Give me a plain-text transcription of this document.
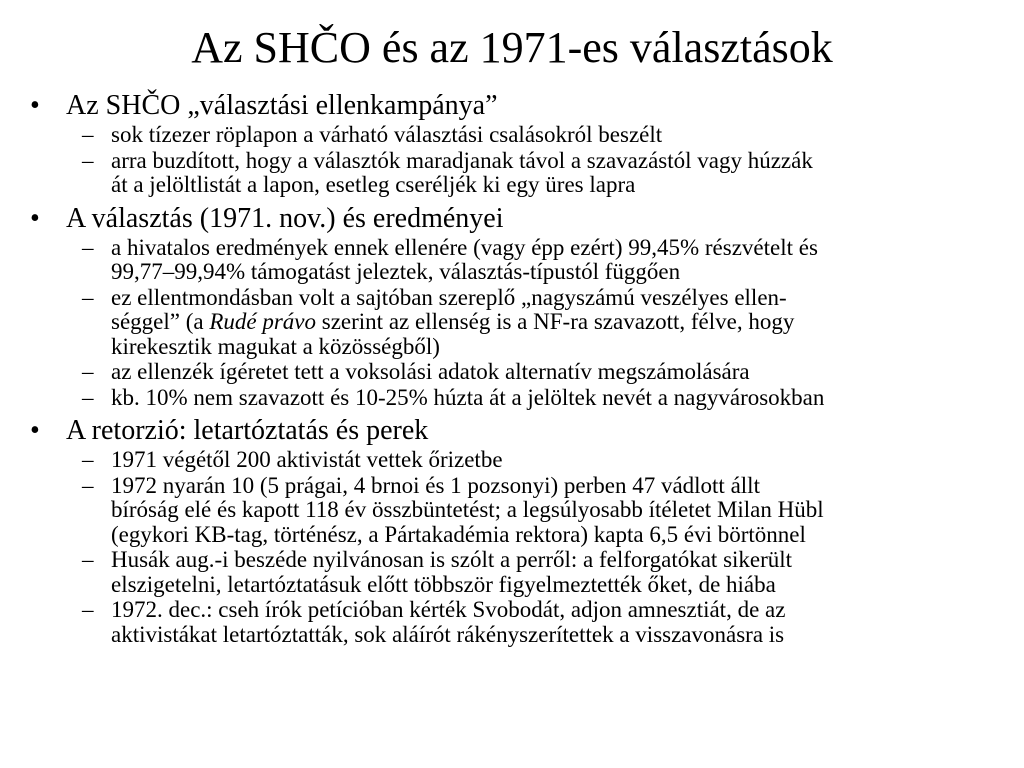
Az SHČO és az 1971-es választások
• Az SHČO „választási ellenkampánya”
– sok tízezer röplapon a várható választási csalásokról beszélt
– arra buzdított, hogy a választók maradjanak távol a szavazástól vagy húzzák
át a jelöltlistát a lapon, esetleg cseréljék ki egy üres lapra
• A választás (1971. nov.) és eredményei
– a hivatalos eredmények ennek ellenére (vagy épp ezért) 99,45% részvételt és
99,77–99,94% támogatást jeleztek, választás-típustól függően
– ez ellentmondásban volt a sajtóban szereplő „nagyszámú veszélyes ellen-
séggel” (a Rudé právo szerint az ellenség is a NF-ra szavazott, félve, hogy
kirekesztik magukat a közösségből)
– az ellenzék ígéretet tett a voksolási adatok alternatív megszámolására
– kb. 10% nem szavazott és 10-25% húzta át a jelöltek nevét a nagyvárosokban
• A retorzió: letartóztatás és perek
– 1971 végétől 200 aktivistát vettek őrizetbe
– 1972 nyarán 10 (5 prágai, 4 brnoi és 1 pozsonyi) perben 47 vádlott állt
bíróság elé és kapott 118 év összbüntetést; a legsúlyosabb ítéletet Milan Hübl
(egykori KB-tag, történész, a Pártakadémia rektora) kapta 6,5 évi börtönnel
– Husák aug.-i beszéde nyilvánosan is szólt a perről: a felforgatókat sikerült
elszigetelni, letartóztatásuk előtt többször figyelmeztették őket, de hiába
– 1972. dec.: cseh írók petícióban kérték Svobodát, adjon amnesztiát, de az
aktivistákat letartóztatták, sok aláírót rákényszerítettek a visszavonásra is
